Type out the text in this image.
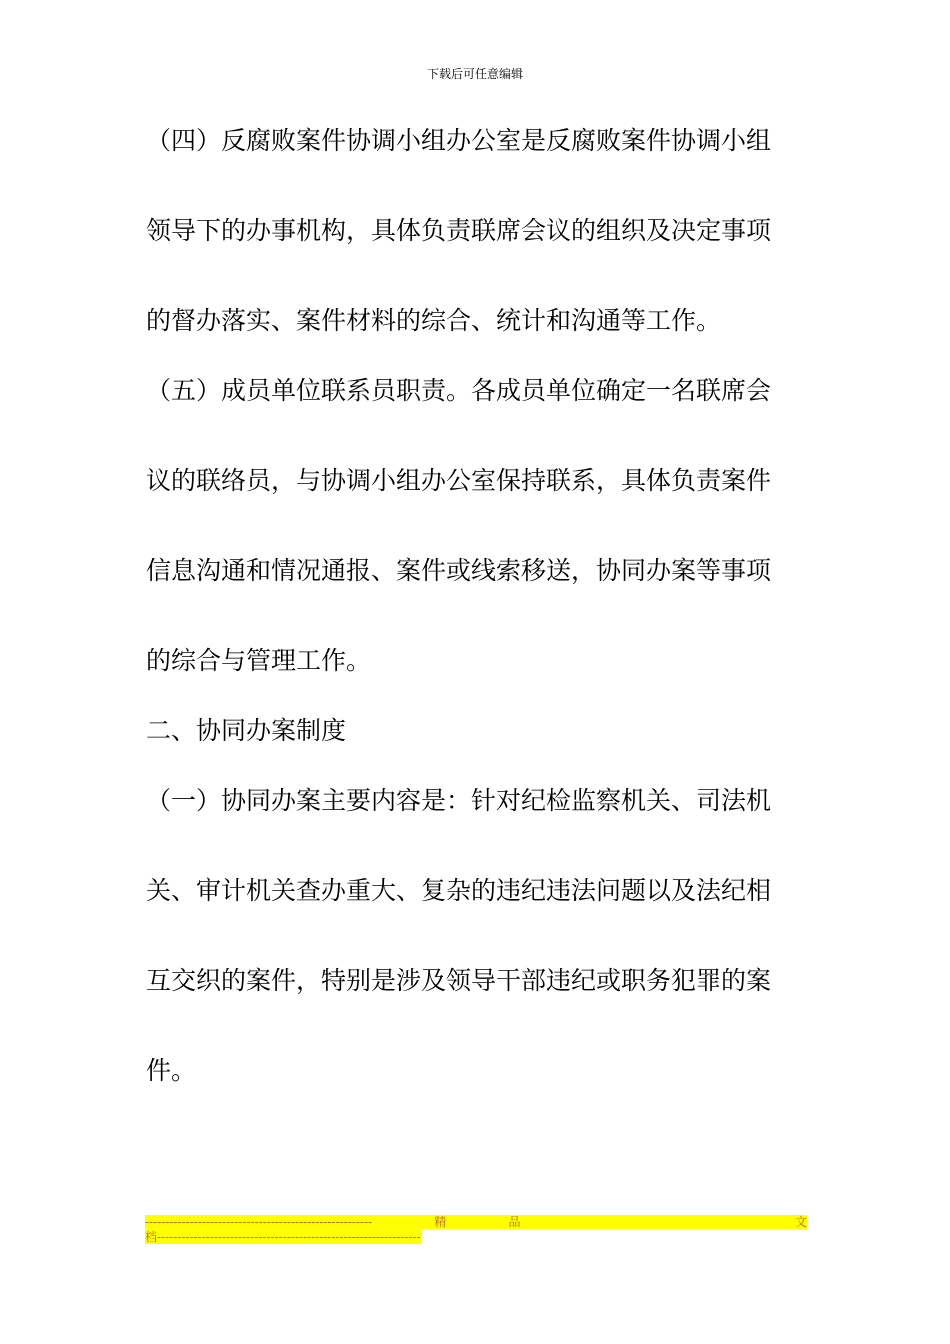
下载后可任意编辑
（四）反腐败案件协调小组办公室是反腐败案件协调小组
领导下的办事机构，具体负责联席会议的组织及决定事项
的督办落实、案件材料的综合、统计和沟通等工作。
（五）成员单位联系员职责。各成员单位确定一名联席会
议的联络员，与协调小组办公室保持联系，具体负责案件
信息沟通和情况通报、案件或线索移送，协同办案等事项
的综合与管理工作。
二、协同办案制度
（一）协同办案主要内容是：针对纪检监察机关、司法机
关、审计机关查办重大、复杂的违纪违法问题以及法纪相
互交织的案件，特别是涉及领导干部违纪或职务犯罪的案
件。
--------------------------------------------------------	精	品	文
档-----------------------------------------------------------------
